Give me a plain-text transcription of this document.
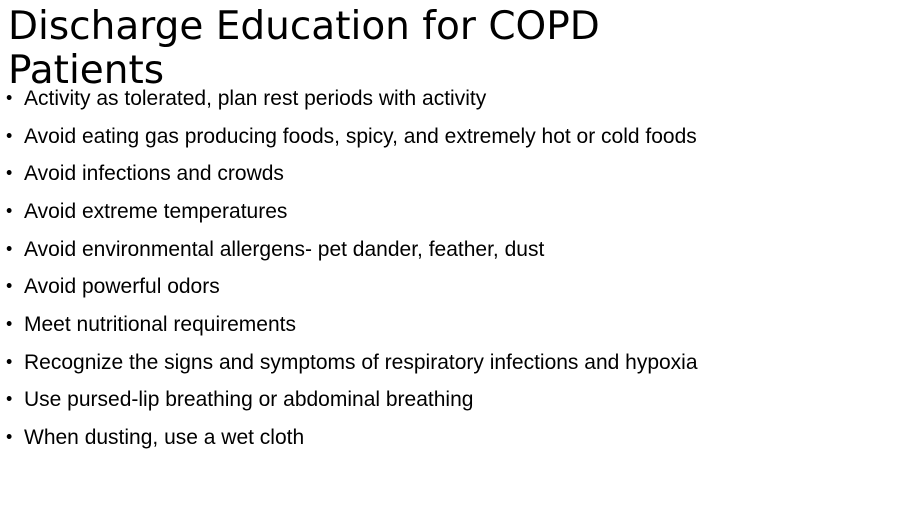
Discharge Education for COPD Patients
• Activity as tolerated, plan rest periods with activity
• Avoid eating gas producing foods, spicy, and extremely hot or cold foods
• Avoid infections and crowds
• Avoid extreme temperatures
• Avoid environmental allergens- pet dander, feather, dust
• Avoid powerful odors
• Meet nutritional requirements
• Recognize the signs and symptoms of respiratory infections and hypoxia
• Use pursed-lip breathing or abdominal breathing
• When dusting, use a wet cloth
